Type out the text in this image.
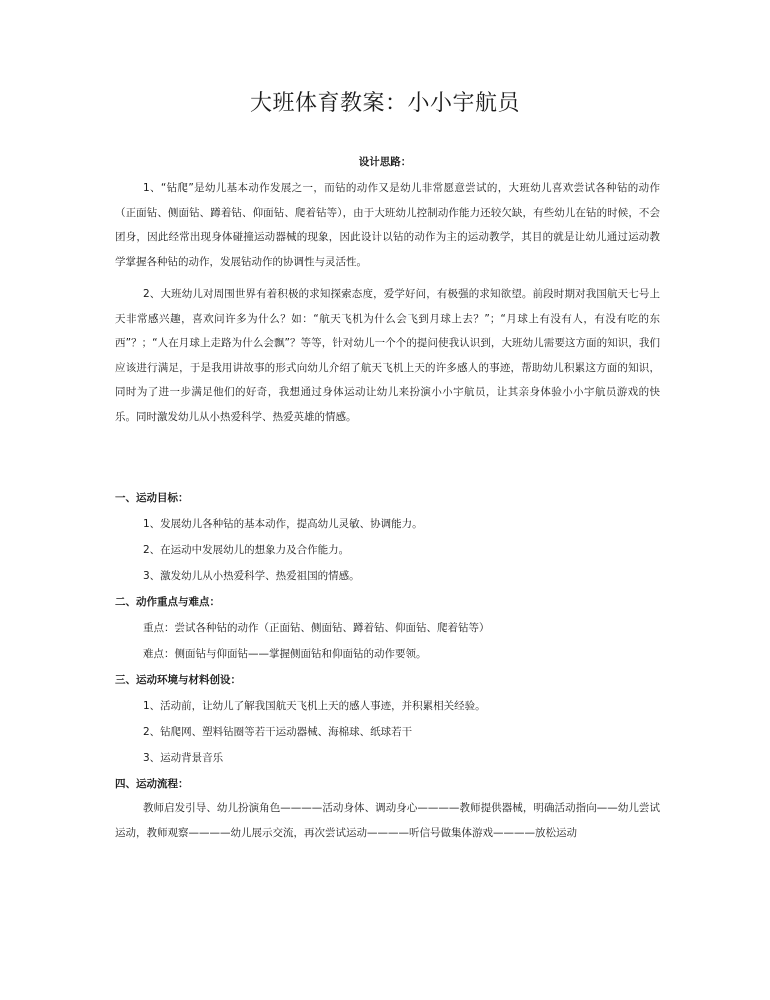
大班体育教案：小小宇航员

设计思路：

1、“钻爬”是幼儿基本动作发展之一，而钻的动作又是幼儿非常愿意尝试的，大班幼儿喜欢尝试各种钻的动作（正面钻、侧面钻、蹲着钻、仰面钻、爬着钻等），由于大班幼儿控制动作能力还较欠缺，有些幼儿在钻的时候，不会团身，因此经常出现身体碰撞运动器械的现象，因此设计以钻的动作为主的运动教学，其目的就是让幼儿通过运动教学掌握各种钻的动作，发展钻动作的协调性与灵活性。

2、大班幼儿对周围世界有着积极的求知探索态度，爱学好问，有极强的求知欲望。前段时期对我国航天七号上天非常感兴趣，喜欢问许多为什么？如：“航天飞机为什么会飞到月球上去？”；“月球上有没有人，有没有吃的东西”？；“人在月球上走路为什么会飘”？等等，针对幼儿一个个的提问使我认识到，大班幼儿需要这方面的知识，我们应该进行满足，于是我用讲故事的形式向幼儿介绍了航天飞机上天的许多感人的事迹，帮助幼儿积累这方面的知识，同时为了进一步满足他们的好奇，我想通过身体运动让幼儿来扮演小小宇航员，让其亲身体验小小宇航员游戏的快乐。同时激发幼儿从小热爱科学、热爱英雄的情感。

一、运动目标：

1、发展幼儿各种钻的基本动作，提高幼儿灵敏、协调能力。

2、在运动中发展幼儿的想象力及合作能力。

3、激发幼儿从小热爱科学、热爱祖国的情感。

二、动作重点与难点：

重点：尝试各种钻的动作（正面钻、侧面钻、蹲着钻、仰面钻、爬着钻等）

难点：侧面钻与仰面钻——掌握侧面钻和仰面钻的动作要领。

三、运动环境与材料创设：

1、活动前，让幼儿了解我国航天飞机上天的感人事迹，并积累相关经验。

2、钻爬网、塑料钻圈等若干运动器械、海棉球、纸球若干

3、运动背景音乐

四、运动流程：

教师启发引导、幼儿扮演角色————活动身体、调动身心————教师提供器械，明确活动指向——幼儿尝试运动，教师观察————幼儿展示交流，再次尝试运动————听信号做集体游戏————放松运动
